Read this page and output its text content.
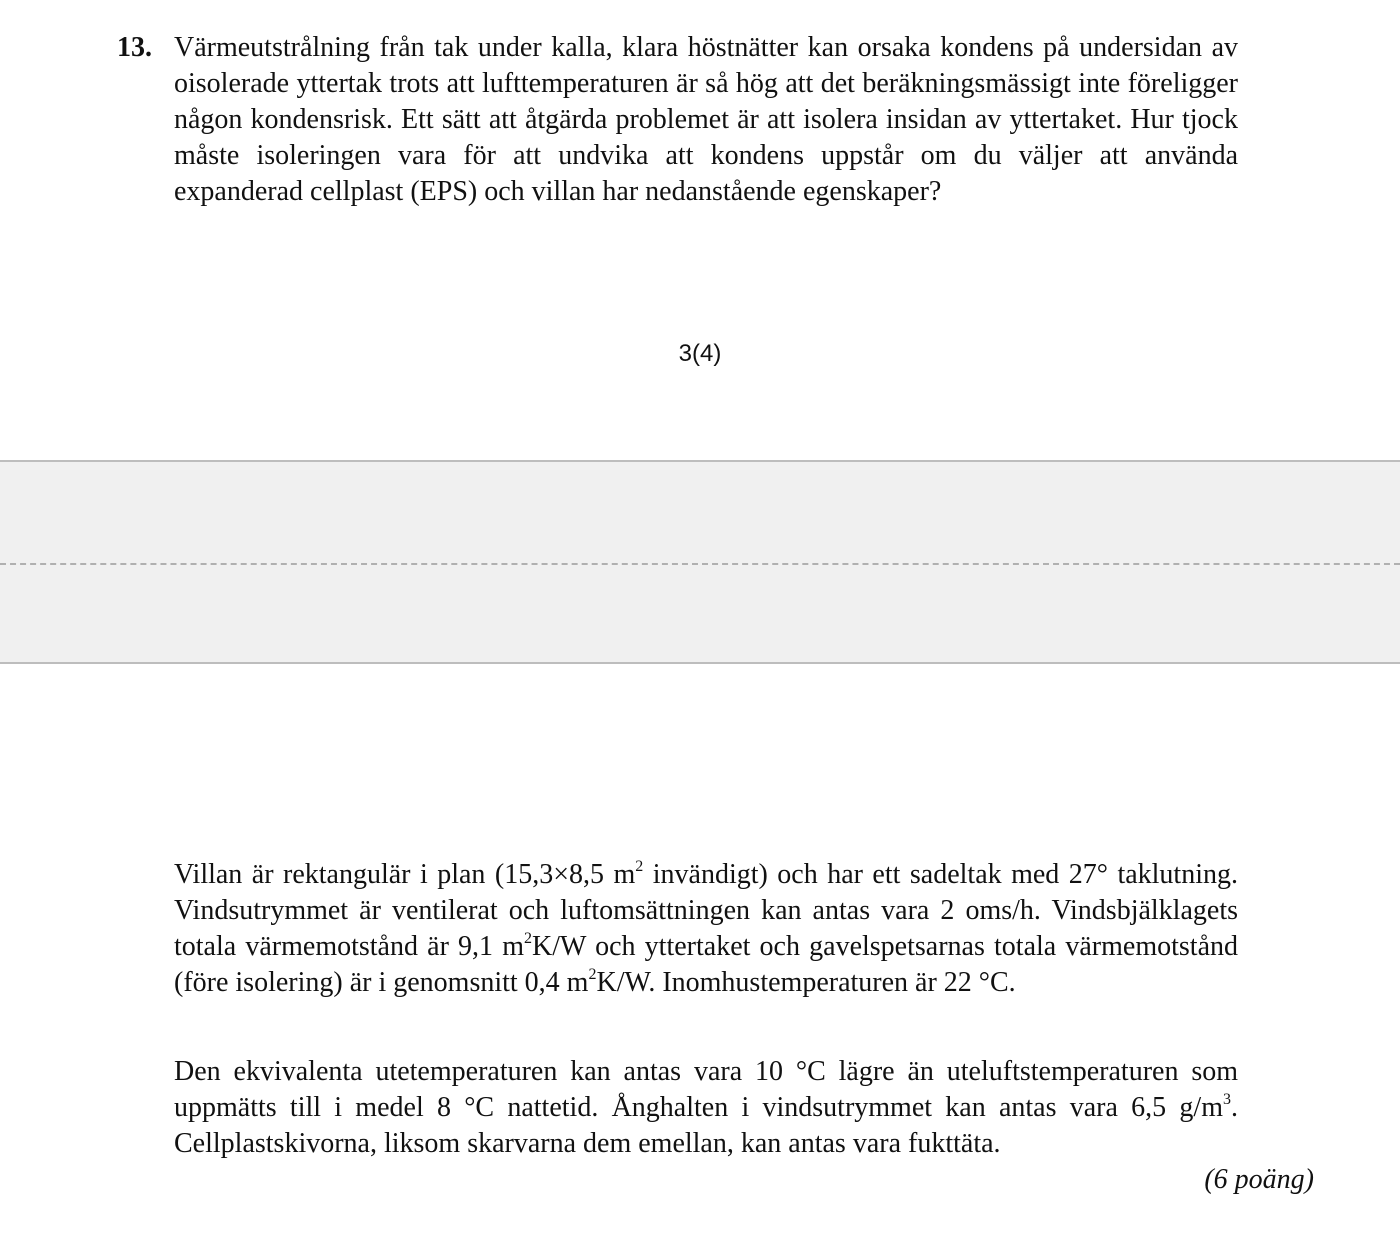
13. Värmeutstrålning från tak under kalla, klara höstnätter kan orsaka kondens på undersidan av oisolerade yttertak trots att lufttemperaturen är så hög att det beräkningsmässigt inte föreligger någon kondensrisk. Ett sätt att åtgärda problemet är att isolera insidan av yttertaket. Hur tjock måste isoleringen vara för att undvika att kondens uppstår om du väljer att använda expanderad cellplast (EPS) och villan har nedanstående egenskaper?
3(4)
Villan är rektangulär i plan (15,3×8,5 $m^2$ invändigt) och har ett sadeltak med 27° taklutning. Vindsutrymmet är ventilerat och luftomsättningen kan antas vara 2 oms/h. Vindsbjälklagets totala värmemotstånd är 9,1 $m^2K/W$ och yttertaket och gavelspetsarnas totala värmemotstånd (före isolering) är i genomsnitt 0,4 $m^2K/W$. Inomhustemperaturen är 22 °C.
Den ekvivalenta utetemperaturen kan antas vara 10 °C lägre än uteluftstemperaturen som uppmätts till i medel 8 °C nattetid. Ånghalten i vindsutrymmet kan antas vara 6,5 $g/m^3$. Cellplastskivorna, liksom skarvarna dem emellan, kan antas vara fukttäta.
(6 poäng)
